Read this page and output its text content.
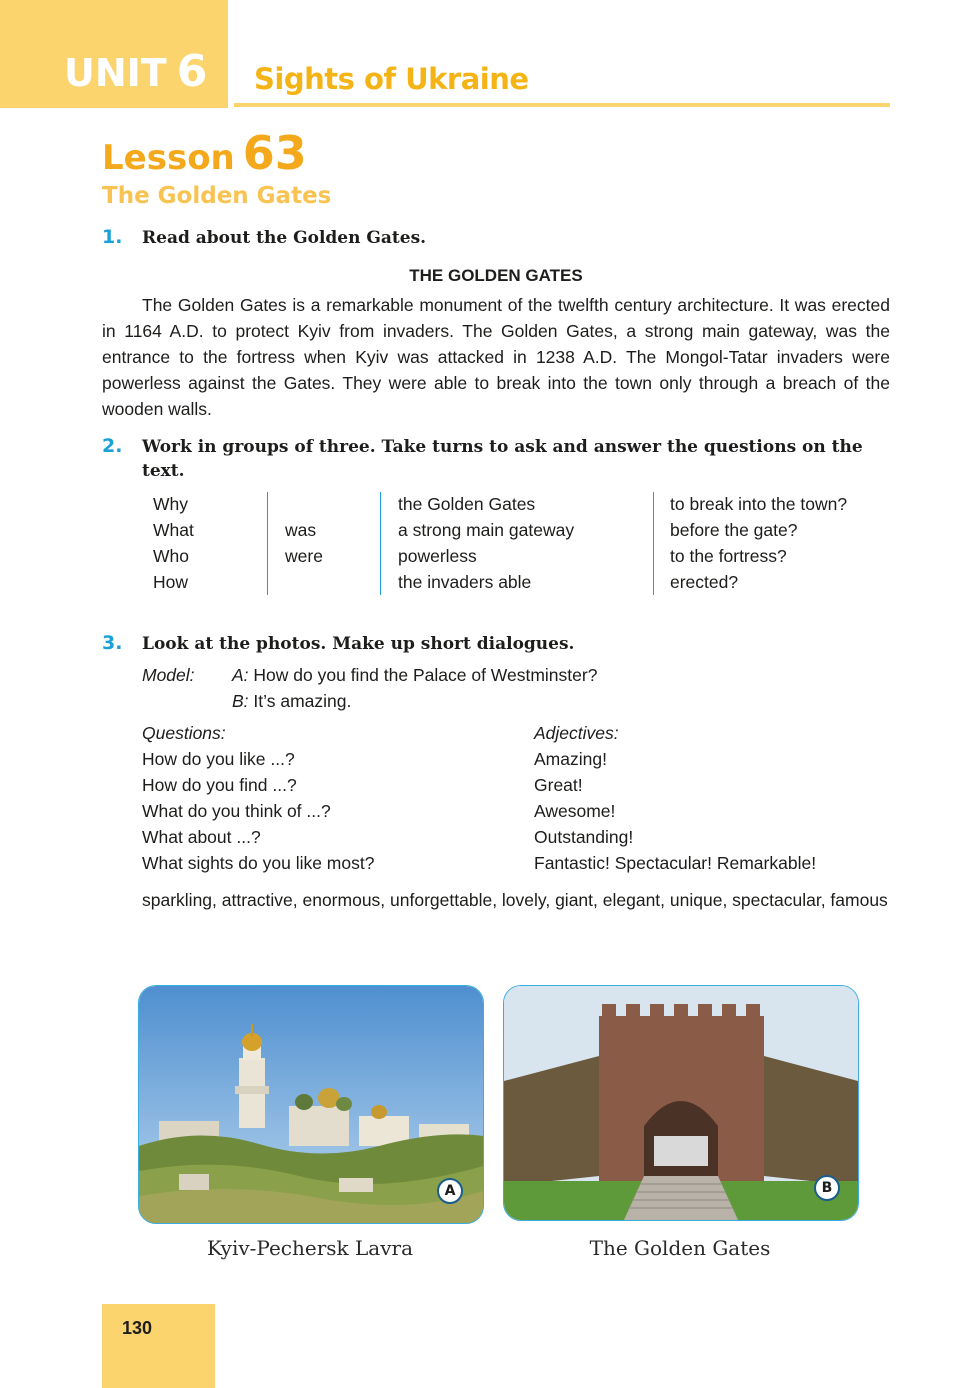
UNIT 6 Sights of Ukraine
Lesson 63
The Golden Gates
1. Read about the Golden Gates.
THE GOLDEN GATES

The Golden Gates is a remarkable monument of the twelfth century architecture. It was erected in 1164 A.D. to protect Kyiv from invaders. The Golden Gates, a strong main gateway, was the entrance to the fortress when Kyiv was attacked in 1238 A.D. The Mongol-Tatar invaders were powerless against the Gates. They were able to break into the town only through a breach of the wooden walls.

2. Work in groups of three. Take turns to ask and answer the questions on the text.
Why
What
Who
How
was
were
the Golden Gates
a strong main gateway
powerless
the invaders able
to break into the town?
before the gate?
to the fortress?
erected?
3. Look at the photos. Make up short dialogues.
Model: A: How do you find the Palace of Westminster?
B: It’s amazing.
Questions:
How do you like ...?
How do you find ...?
What do you think of ...?
What about ...?
What sights do you like most?
Adjectives:
Amazing!
Great!
Awesome!
Outstanding!
Fantastic! Spectacular! Remarkable!

sparkling, attractive, enormous, unforgettable, lovely, giant, elegant, unique, spectacular, famous

A
Kyiv-Pechersk Lavra
B
The Golden Gates
130
